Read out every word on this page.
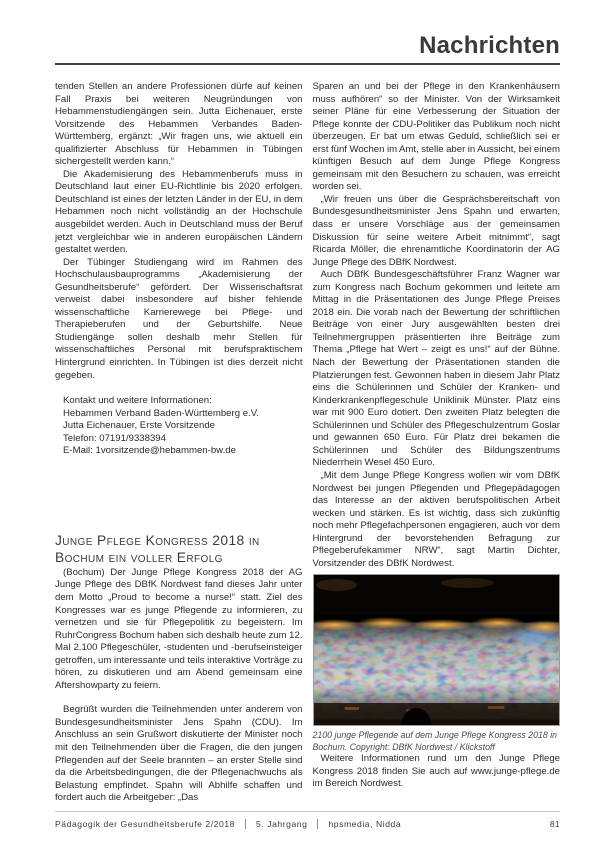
Nachrichten

tenden Stellen an andere Professionen dürfe auf keinen Fall Praxis bei weiteren Neugründungen von Hebammenstudiengängen sein. Jutta Eichenauer, erste Vorsitzende des Hebammen Verbandes Baden-Württemberg, ergänzt: „Wir fragen uns, wie aktuell ein qualifizierter Abschluss für Hebammen in Tübingen sichergestellt werden kann.“

Die Akademisierung des Hebammenberufs muss in Deutschland laut einer EU-Richtlinie bis 2020 erfolgen. Deutschland ist eines der letzten Länder in der EU, in dem Hebammen noch nicht vollständig an der Hochschule ausgebildet werden. Auch in Deutschland muss der Beruf jetzt vergleichbar wie in anderen europäischen Ländern gestaltet werden.

Der Tübinger Studiengang wird im Rahmen des Hochschulausbauprogramms „Akademisierung der Gesundheitsberufe“ gefördert. Der Wissenschaftsrat verweist dabei insbesondere auf bisher fehlende wissenschaftliche Karrierewege bei Pflege- und Therapieberufen und der Geburtshilfe. Neue Studiengänge sollen deshalb mehr Stellen für wissenschaftliches Personal mit berufspraktischem Hintergrund einrichten. In Tübingen ist dies derzeit nicht gegeben.

Kontakt und weitere Informationen:
Hebammen Verband Baden-Württemberg e.V.
Jutta Eichenauer, Erste Vorsitzende
Telefon: 07191/9338394
E-Mail: 1vorsitzende@hebammen-bw.de
Junge Pflege Kongress 2018 in Bochum ein voller Erfolg

(Bochum) Der Junge Pflege Kongress 2018 der AG Junge Pflege des DBfK Nordwest fand dieses Jahr unter dem Motto „Proud to become a nurse!“ statt. Ziel des Kongresses war es junge Pflegende zu informieren, zu vernetzen und sie für Pflegepolitik zu begeistern. Im RuhrCongress Bochum haben sich deshalb heute zum 12. Mal 2.100 Pflegeschüler, -studenten und -berufseinsteiger getroffen, um interessante und teils interaktive Vorträge zu hören, zu diskutieren und am Abend gemeinsam eine Aftershowparty zu feiern.

Begrüßt wurden die Teilnehmenden unter anderem von Bundesgesundheitsminister Jens Spahn (CDU). Im Anschluss an sein Grußwort diskutierte der Minister noch mit den Teilnehmenden über die Fragen, die den jungen Pflegenden auf der Seele brannten – an erster Stelle sind da die Arbeitsbedingungen, die der Pflegenachwuchs als Belastung empfindet. Spahn will Abhilfe schaffen und fordert auch die Arbeitgeber: „Das

Sparen an und bei der Pflege in den Krankenhäusern muss aufhören“ so der Minister. Von der Wirksamkeit seiner Pläne für eine Verbesserung der Situation der Pflege konnte der CDU-Politiker das Publikum noch nicht überzeugen. Er bat um etwas Geduld, schließlich sei er erst fünf Wochen im Amt, stelle aber in Aussicht, bei einem künftigen Besuch auf dem Junge Pflege Kongress gemeinsam mit den Besuchern zu schauen, was erreicht worden sei.

„Wir freuen uns über die Gesprächsbereitschaft von Bundesgesundheitsminister Jens Spahn und erwarten, dass er unsere Vorschläge aus der gemeinsamen Diskussion für seine weitere Arbeit mitnimmt“, sagt Ricarda Möller, die ehrenamtliche Koordinatorin der AG Junge Pflege des DBfK Nordwest.

Auch DBfK Bundesgeschäftsführer Franz Wagner war zum Kongress nach Bochum gekommen und leitete am Mittag in die Präsentationen des Junge Pflege Preises 2018 ein. Die vorab nach der Bewertung der schriftlichen Beiträge von einer Jury ausgewählten besten drei Teilnehmergruppen präsentierten ihre Beiträge zum Thema „Pflege hat Wert – zeigt es uns!“ auf der Bühne. Nach der Bewertung der Präsentationen standen die Platzierungen fest. Gewonnen haben in diesem Jahr Platz eins die Schülerinnen und Schüler der Kranken- und Kinderkrankenpflegeschule Uniklinik Münster. Platz eins war mit 900 Euro dotiert. Den zweiten Platz belegten die Schülerinnen und Schüler des Pflegeschulzentrum Goslar und gewannen 650 Euro. Für Platz drei bekamen die Schülerinnen und Schüler des Bildungszentrums Niederrhein Wesel 450 Euro.

„Mit dem Junge Pflege Kongress wollen wir vom DBfK Nordwest bei jungen Pflegenden und Pflegepädagogen das Interesse an der aktiven berufspolitischen Arbeit wecken und stärken. Es ist wichtig, dass sich zukünftig noch mehr Pflegefachpersonen engagieren, auch vor dem Hintergrund der bevorstehenden Befragung zur Pflegeberufekammer NRW“, sagt Martin Dichter, Vorsitzender des DBfK Nordwest.

2100 junge Pflegende auf dem Junge Pflege Kongress 2018 in Bochum. Copyright: DBfK Nordwest / Klickstoff

Weitere Informationen rund um den Junge Pflege Kongress 2018 finden Sie auch auf www.junge-pflege.de im Bereich Nordwest.

Pädagogik der Gesundheitsberufe 2/2018 5. Jahrgang hpsmedia, Nidda	81
